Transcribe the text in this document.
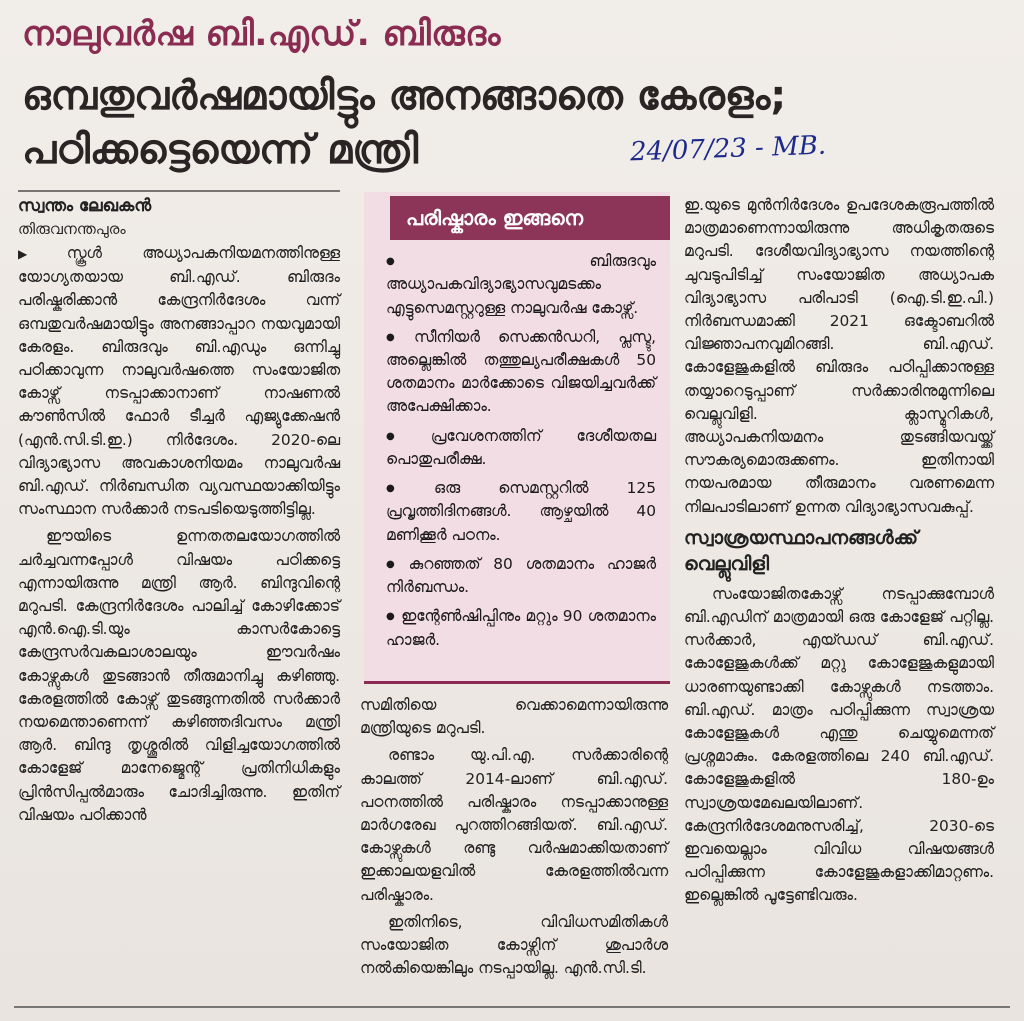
നാലുവർഷ ബി.എഡ്. ബിരുദം
ഒമ്പതുവർഷമായിട്ടും അനങ്ങാതെ കേരളം;
പഠിക്കട്ടെയെന്ന് മന്ത്രി	24/07/23 - MB.
സ്വന്തം ലേഖകൻ
തിരുവനന്തപുരം

▶ സ്കൂൾ അധ്യാപകനിയമനത്തിനുള്ള യോഗ്യതയായ ബി.എഡ്. ബിരുദം പരിഷ്കരിക്കാൻ കേന്ദ്രനിർദേശം വന്ന് ഒമ്പതുവർഷമായിട്ടും അനങ്ങാപ്പാറ നയവുമായി കേരളം. ബിരുദവും ബി.എഡും ഒന്നിച്ചു പഠിക്കാവുന്ന നാലുവർഷത്തെ സംയോജിത കോഴ്സ് നടപ്പാക്കാനാണ് നാഷണൽ കൗൺസിൽ ഫോർ ടീച്ചർ എജ്യുക്കേഷൻ (എൻ.സി.ടി.ഇ.) നിർദേശം. 2020-ലെ വിദ്യാഭ്യാസ അവകാശനിയമം നാലുവർഷ ബി.എഡ്. നിർബന്ധിത വ്യവസ്ഥയാക്കിയിട്ടും സംസ്ഥാന സർക്കാർ നടപടിയെടുത്തിട്ടില്ല.

ഈയിടെ ഉന്നതതലയോഗത്തിൽ ചർച്ചവന്നപ്പോൾ വിഷയം പഠിക്കട്ടെ എന്നായിരുന്നു മന്ത്രി ആർ. ബിന്ദുവിന്റെ മറുപടി. കേന്ദ്രനിർദേശം പാലിച്ച് കോഴിക്കോട് എൻ.ഐ.ടി.യും കാസർകോട്ടെ കേന്ദ്രസർവകലാശാലയും ഈവർഷം കോഴ്സുകൾ തുടങ്ങാൻ തീരുമാനിച്ചു കഴിഞ്ഞു. കേരളത്തിൽ കോഴ്സ് തുടങ്ങുന്നതിൽ സർക്കാർ നയമെന്താണെന്ന് കഴിഞ്ഞദിവസം മന്ത്രി ആർ. ബിന്ദു തൃശ്ശൂരിൽ വിളിച്ചയോഗത്തിൽ കോളേജ് മാനേജ്മെന്റ് പ്രതിനിധികളും പ്രിൻസിപ്പൽമാരും ചോദിച്ചിരുന്നു. ഇതിന് വിഷയം പഠിക്കാൻ

പരിഷ്കാരം ഇങ്ങനെ
● ബിരുദവും അധ്യാപകവിദ്യാഭ്യാസവുമടക്കം എട്ടുസെമസ്റ്ററുള്ള നാലുവർഷ കോഴ്സ്.
● സീനിയർ സെക്കൻഡറി, പ്ലസ്ടു, അല്ലെങ്കിൽ തത്തുല്യപരീക്ഷകൾ 50 ശതമാനം മാർക്കോടെ വിജയിച്ചവർക്ക് അപേക്ഷിക്കാം.
● പ്രവേശനത്തിന് ദേശീയതല പൊതുപരീക്ഷ.
● ഒരു സെമസ്റ്ററിൽ 125 പ്രവൃത്തിദിനങ്ങൾ. ആഴ്ചയിൽ 40 മണിക്കൂർ പഠനം.
● കുറഞ്ഞത് 80 ശതമാനം ഹാജർ നിർബന്ധം.
● ഇന്റേൺഷിപ്പിനും മറ്റും 90 ശതമാനം ഹാജർ.

സമിതിയെ വെക്കാമെന്നായിരുന്നു മന്ത്രിയുടെ മറുപടി.

രണ്ടാം യു.പി.എ. സർക്കാരിന്റെ കാലത്ത് 2014-ലാണ് ബി.എഡ്. പഠനത്തിൽ പരിഷ്കാരം നടപ്പാക്കാനുള്ള മാർഗരേഖ പുറത്തിറങ്ങിയത്. ബി.എഡ്. കോഴ്സുകൾ രണ്ടു വർഷമാക്കിയതാണ് ഇക്കാലയളവിൽ കേരളത്തിൽവന്ന പരിഷ്കാരം.

ഇതിനിടെ, വിവിധസമിതികൾ സംയോജിത കോഴ്സിന് ശുപാർശ നൽകിയെങ്കിലും നടപ്പായില്ല. എൻ.സി.ടി.

ഇ.യുടെ മുൻനിർദേശം ഉപദേശകരൂപത്തിൽ മാത്രമാണെന്നായിരുന്നു അധികൃതരുടെ മറുപടി. ദേശീയവിദ്യാഭ്യാസ നയത്തിന്റെ ചുവടുപിടിച്ച് സംയോജിത അധ്യാപക വിദ്യാഭ്യാസ പരിപാടി (ഐ.ടി.ഇ.പി.) നിർബന്ധമാക്കി 2021 ഒക്ടോബറിൽ വിജ്ഞാപനവുമിറങ്ങി. ബി.എഡ്. കോളേജുകളിൽ ബിരുദം പഠിപ്പിക്കാനുള്ള തയ്യാറെടുപ്പാണ് സർക്കാരിനുമുന്നിലെ വെല്ലുവിളി. ക്ലാസ്മുറികൾ, അധ്യാപകനിയമനം തുടങ്ങിയവയ്ക്ക് സൗകര്യമൊരുക്കണം. ഇതിനായി നയപരമായ തീരുമാനം വരണമെന്ന നിലപാടിലാണ് ഉന്നത വിദ്യാഭ്യാസവകുപ്പ്.

സ്വാശ്രയസ്ഥാപനങ്ങൾക്ക് വെല്ലുവിളി

സംയോജിതകോഴ്സ് നടപ്പാക്കുമ്പോൾ ബി.എഡിന് മാത്രമായി ഒരു കോളേജ് പറ്റില്ല. സർക്കാർ, എയ്ഡഡ് ബി.എഡ്. കോളേജുകൾക്ക് മറ്റു കോളേജുകളുമായി ധാരണയുണ്ടാക്കി കോഴ്സുകൾ നടത്താം. ബി.എഡ്. മാത്രം പഠിപ്പിക്കുന്ന സ്വാശ്രയ കോളേജുകൾ എന്തു ചെയ്യുമെന്നത് പ്രശ്നമാകും. കേരളത്തിലെ 240 ബി.എഡ്. കോളേജുകളിൽ 180-ഉം സ്വാശ്രയമേഖലയിലാണ്. കേന്ദ്രനിർദേശമനുസരിച്ച്, 2030-ടെ ഇവയെല്ലാം വിവിധ വിഷയങ്ങൾ പഠിപ്പിക്കുന്ന കോളേജുകളാക്കിമാറ്റണം. ഇല്ലെങ്കിൽ പൂട്ടേണ്ടിവരും.
